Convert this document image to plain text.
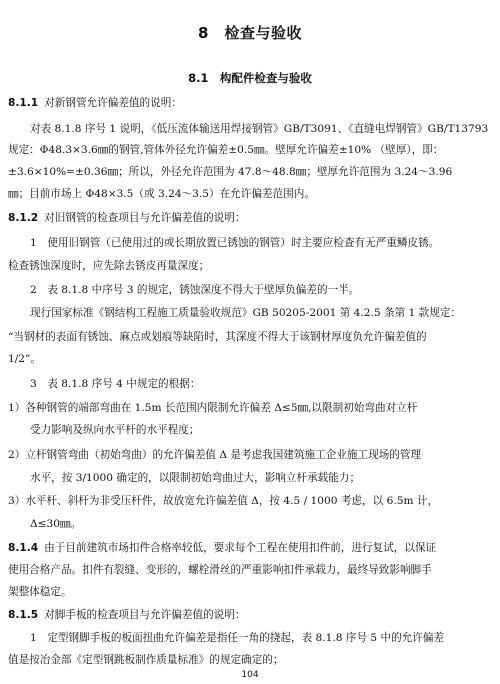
8　检查与验收
8.1　构配件检查与验收
8.1.1 对新钢管允许偏差值的说明：
对表 8.1.8 序号 1 说明，《低压流体输送用焊接钢管》GB/T3091、《直缝电焊钢管》GB/T13793
规定：Φ48.3×3.6㎜的钢管,管体外径允许偏差±0.5㎜。壁厚允许偏差±10% （壁厚），即：
±3.6×10%=±0.36㎜；所以，外径允许范围为 47.8～48.8㎜；壁厚允许范围为 3.24～3.96
㎜；目前市场上 Φ48×3.5（或 3.24～3.5）在允许偏差范围内。
8.1.2 对旧钢管的检查项目与允许偏差值的说明：
1　使用旧钢管（已使用过的或长期放置已锈蚀的钢管）时主要应检查有无严重鳞皮锈。
检查锈蚀深度时，应先除去锈皮再量深度；
2　表 8.1.8 中序号 3 的规定，锈蚀深度不得大于壁厚负偏差的一半。
现行国家标准《钢结构工程施工质量验收规范》GB 50205-2001 第 4.2.5 条第 1 款规定：
“当钢材的表面有锈蚀、麻点或划痕等缺陷时，其深度不得大于该钢材厚度负允许偏差值的
1/2”。
3　表 8.1.8 序号 4 中规定的根据：
1）各种钢管的端部弯曲在 1.5m 长范围内限制允许偏差 Δ≤5㎜,以限制初始弯曲对立杆
受力影响及纵向水平杆的水平程度；
2）立杆钢管弯曲（初始弯曲）的允许偏差值 Δ 是考虑我国建筑施工企业施工现场的管理
水平，按 3/1000 确定的，以限制初始弯曲过大，影响立杆承载能力；
3）水平杆、斜杆为非受压杆件，故放宽允许偏差值 Δ，按 4.5 / 1000 考虑，以 6.5m 计，
Δ≤30㎜。
8.1.4 由于目前建筑市场扣件合格率较低，要求每个工程在使用扣件前，进行复试，以保证
使用合格产品。扣件有裂缝、变形的，螺栓滑丝的严重影响扣件承载力，最终导致影响脚手
架整体稳定。
8.1.5 对脚手板的检查项目与允许偏差值的说明：
1　定型钢脚手板的板面扭曲允许偏差是指任一角的挠起，表 8.1.8 序号 5 中的允许偏差
值是按冶金部《定型钢跳板制作质量标准》的规定确定的；
104
